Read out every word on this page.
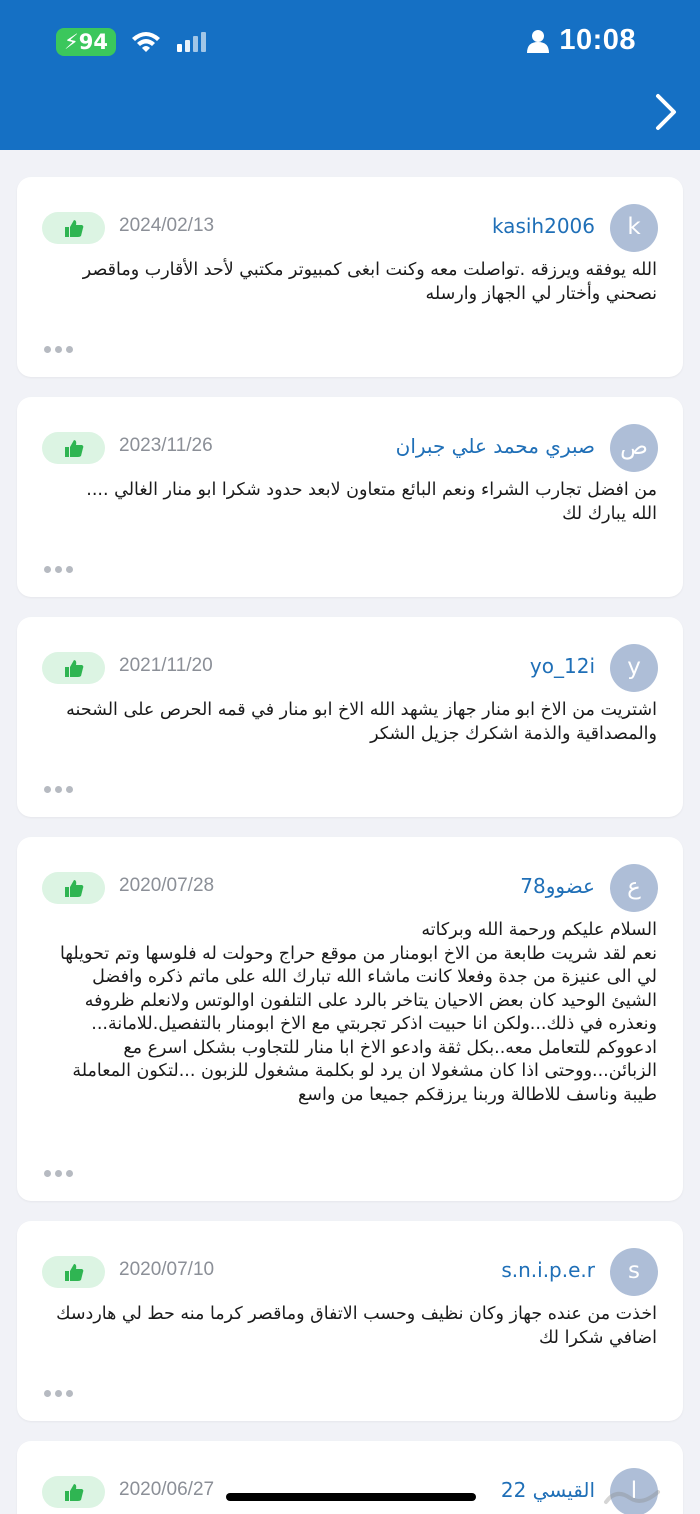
⚡94	10:08
k
kasih2006
2024/02/13
الله يوفقه ويرزقه .تواصلت معه وكنت ابغى كمبيوتر مكتبي لأحد الأقارب وماقصر نصحني وأختار لي الجهاز وارسله
ص
صبري محمد علي جبران
2023/11/26
من افضل تجارب الشراء ونعم البائع متعاون لابعد حدود شكرا ابو منار الغالي ....
الله يبارك لك
y
yo_12i
2021/11/20
اشتريت من الاخ ابو منار جهاز يشهد الله الاخ ابو منار في قمه الحرص على الشحنه والمصداقية والذمة اشكرك جزيل الشكر
ع
عضوو78
2020/07/28
السلام عليكم ورحمة الله وبركاته
نعم لقد شريت طابعة من الاخ ابومنار من موقع حراج وحولت له فلوسها وتم تحويلها لي الى عنيزة من جدة وفعلا كانت ماشاء الله تبارك الله على ماتم ذكره وافضل
الشيئ الوحيد كان بعض الاحيان يتاخر بالرد على التلفون اوالوتس ولانعلم ظروفه ونعذره في ذلك...ولكن انا حبيت اذكر تجربتي مع الاخ ابومنار بالتفصيل.للامانة... ادعووكم للتعامل معه..بكل ثقة وادعو الاخ ابا منار للتجاوب بشكل اسرع مع الزبائن...ووحتى اذا كان مشغولا ان يرد لو بكلمة مشغول للزبون ...لتكون المعاملة طيبة وناسف للاطالة وربنا يرزقكم جميعا من واسع
s
s.n.i.p.e.r
2020/07/10
اخذت من عنده جهاز وكان نظيف وحسب الاتفاق وماقصر كرما منه حط لي هاردسك اضافي شكرا لك
ا
القيسي 22
2020/06/27
